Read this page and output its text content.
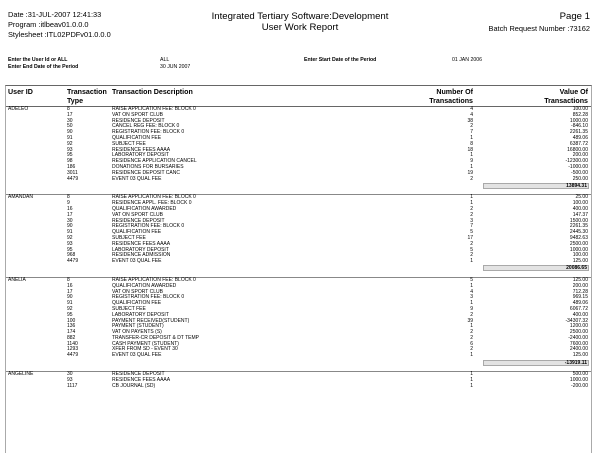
Date :31-JUL-2007 12:41:33
Program :itlbeav01.0.0.0
Stylesheet :ITL02PDFv01.0.0.0
Integrated Tertiary Software:Development
User Work Report
Page 1
Batch Request Number :73162
Enter the User Id or ALL	ALL	Enter Start Date of the Period	01 JAN 2006
Enter End Date of the Period	30 JUN 2007
User ID	Transaction
Type
Transaction Description	Number Of
Transactions
Value Of
Transactions
ADELEO	8	RAISE APPLICATION FEE: BLOCK 0	4	100.00
17	VAT ON SPORT CLUB	4	852.28
30	RESIDENCE DEPOSIT	38	1000.00
50	CANCEL REG FEE: BLOCK 0	2	-846.10
90	REGISTRATION FEE: BLOCK 0	7	2261.35
91	QUALIFICATION FEE	1	489.06
92	SUBJECT FEE	8	6387.72
93	RESIDENCE FEES AAAA	18	16800.00
95	LABORATORY DEPOSIT	1	200.00
98	RESIDENCE APPLICATION CANCEL	9	-12300.00
186	DONATIONS FOR BURSARIES	1	-1000.00
3011	RESIDENCE DEPOSIT CANC	19	-500.00
4479	EVENT 03 QUAL FEE	2	250.00
13894.31
AMANDAN	8	RAISE APPLICATION FEE: BLOCK 0	1	25.00
9	RESIDENCE APPL. FEE: BLOCK 0	1	100.00
16	QUALIFICATION AWARDED	2	400.00
17	VAT ON SPORT CLUB	2	147.37
30	RESIDENCE DEPOSIT	3	1500.00
90	REGISTRATION FEE: BLOCK 0	7	2261.35
91	QUALIFICATION FEE	5	2445.30
92	SUBJECT FEE	17	9482.63
93	RESIDENCE FEES AAAA	2	2500.00
95	LABORATORY DEPOSIT	5	1000.00
968	RESIDENCE ADMISSION	2	100.00
4479	EVENT 03 QUAL FEE	1	125.00
20086.65
ANELIA	8	RAISE APPLICATION FEE: BLOCK 0	5	125.00
16	QUALIFICATION AWARDED	1	200.00
17	VAT ON SPORT CLUB	4	712.28
90	REGISTRATION FEE: BLOCK 0	3	969.15
91	QUALIFICATION FEE	1	489.06
92	SUBJECT FEE	9	6067.72
95	LABORATORY DEPOSIT	2	400.00
100	PAYMENT RECEIVED(STUDENT)	39	-34307.32
136	PAYMENT (STUDENT)	1	1200.00
174	VAT ON PAYENTS (S)	2	2500.00
882	TRANSFER-CR DEPOSIT & DT TEMP	2	-2400.00
1140	CASH PAYMENT (STUDENT)	6	7600.00
1293	XFER FROM SD - EVENT 30	2	2400.00
4479	EVENT 03 QUAL FEE	1	125.00
-13919.11
ANGELINE	30	RESIDENCE DEPOSIT	1	500.00
93	RESIDENCE FEES AAAA	1	1000.00
1117	CB JOURNAL (SD)	1	-200.00
